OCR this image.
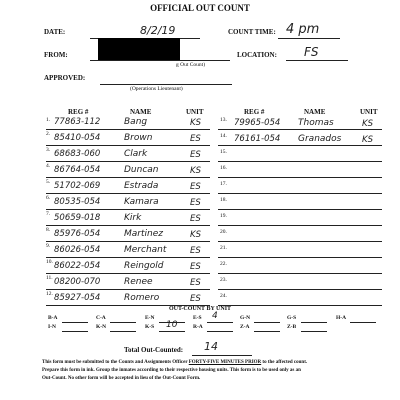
OFFICIAL OUT COUNT
DATE:	8/2/19	COUNT TIME: 4 pm
FROM:
g Out Count)
LOCATION: FS
APPROVED:
(Operations Lieutenant)
REG #	NAME	UNIT	REG #	NAME	UNIT
1. 77863-112	Bang	KS
2. 85410-054	Brown	ES
3. 68683-060	Clark	ES
4. 86764-054	Duncan	KS
5. 51702-069	Estrada	ES
6. 80535-054	Kamara	ES
7. 50659-018	Kirk	ES
8. 85976-054	Martinez	KS
9. 86026-054	Merchant	ES
10. 86022-054	Reingold	ES
11. 08200-070	Renee	ES
12. 85927-054	Romero	ES
13. 79965-054 Thomas	KS
14. 76161-054 Granados KS
15.
16.
17.
18.
19.
20.
21.
22.
23.
24.
OUT-COUNT BY UNIT
B-A	C-A	E-N	E-S 4	G-N	G-S	H-A
I-N	K-N	K-S 10	R-A	Z-A	Z-B
Total Out-Counted: 14
This form must be submitted to the Counts and Assignments Officer FORTY-FIVE MINUTES PRIOR to the affected count.
Prepare this form in ink. Group the inmates according to their respective housing units. This form is to be used only as an
Out-Count. No other form will be accepted in lieu of the Out-Count Form.
